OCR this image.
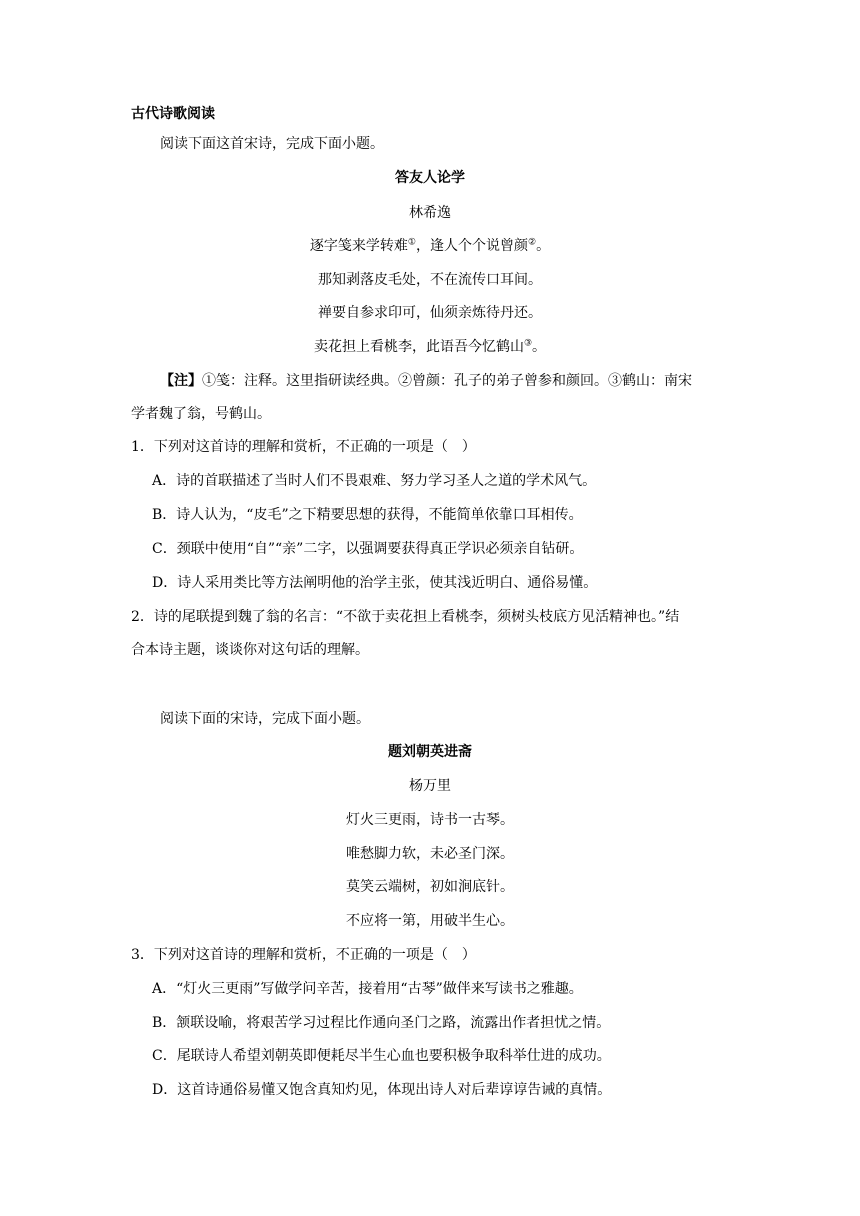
古代诗歌阅读
阅读下面这首宋诗，完成下面小题。
答友人论学
林希逸
逐字笺来学转难①，逢人个个说曾颜②。
那知剥落皮毛处，不在流传口耳间。
禅要自参求印可，仙须亲炼待丹还。
卖花担上看桃李，此语吾今忆鹤山③。
【注】①笺：注释。这里指研读经典。②曾颜：孔子的弟子曾参和颜回。③鹤山：南宋
学者魏了翁，号鹤山。
1．下列对这首诗的理解和赏析，不正确的一项是（　）
A．诗的首联描述了当时人们不畏艰难、努力学习圣人之道的学术风气。
B．诗人认为，“皮毛”之下精要思想的获得，不能简单依靠口耳相传。
C．颈联中使用“自”“亲”二字，以强调要获得真正学识必须亲自钻研。
D．诗人采用类比等方法阐明他的治学主张，使其浅近明白、通俗易懂。
2．诗的尾联提到魏了翁的名言：“不欲于卖花担上看桃李，须树头枝底方见活精神也。”结
合本诗主题，谈谈你对这句话的理解。
阅读下面的宋诗，完成下面小题。
题刘朝英进斋
杨万里
灯火三更雨，诗书一古琴。
唯愁脚力软，未必圣门深。
莫笑云端树，初如涧底针。
不应将一第，用破半生心。
3．下列对这首诗的理解和赏析，不正确的一项是（　）
A．“灯火三更雨”写做学问辛苦，接着用“古琴”做伴来写读书之雅趣。
B．颔联设喻，将艰苦学习过程比作通向圣门之路，流露出作者担忧之情。
C．尾联诗人希望刘朝英即便耗尽半生心血也要积极争取科举仕进的成功。
D．这首诗通俗易懂又饱含真知灼见，体现出诗人对后辈谆谆告诫的真情。
